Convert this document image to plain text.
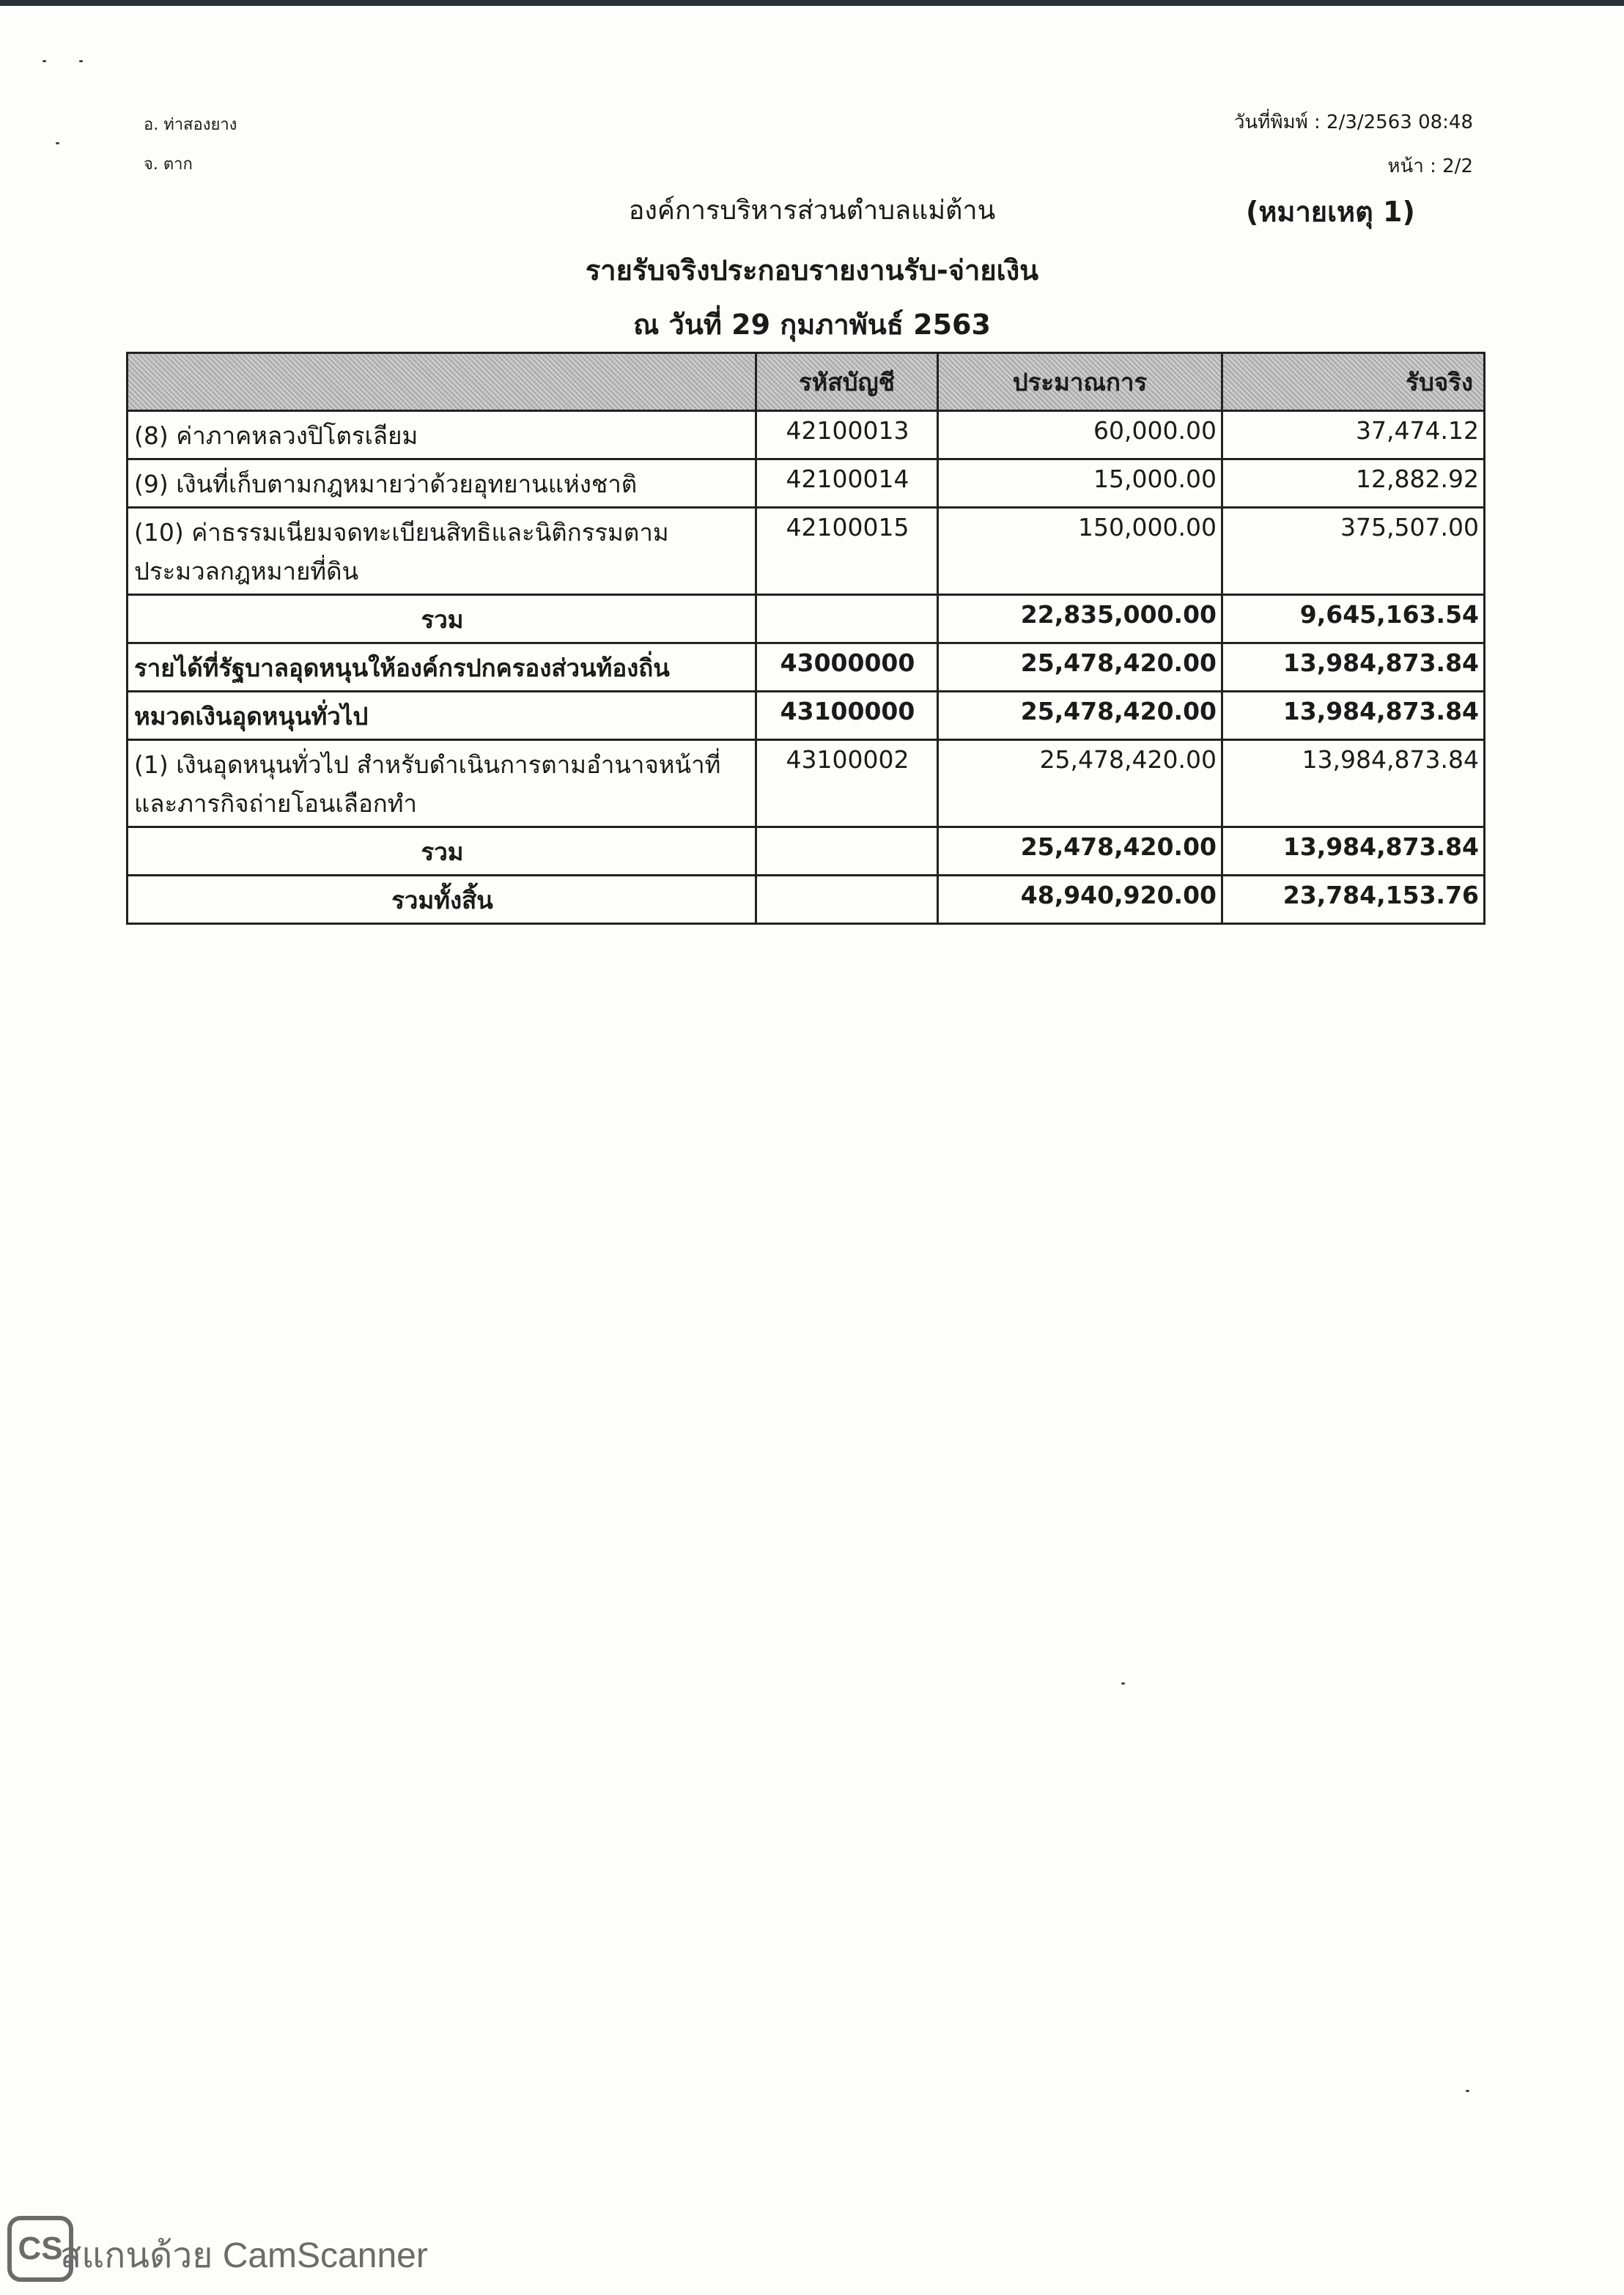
อ. ท่าสองยาง
จ. ตาก
วันที่พิมพ์ : 2/3/2563 08:48
หน้า : 2/2
องค์การบริหารส่วนตำบลแม่ต้าน	(หมายเหตุ 1)
รายรับจริงประกอบรายงานรับ-จ่ายเงิน
ณ วันที่ 29 กุมภาพันธ์ 2563
	รหัสบัญชี	ประมาณการ	รับจริง
(8) ค่าภาคหลวงปิโตรเลียม	42100013	60,000.00	37,474.12
(9) เงินที่เก็บตามกฎหมายว่าด้วยอุทยานแห่งชาติ	42100014	15,000.00	12,882.92
(10) ค่าธรรมเนียมจดทะเบียนสิทธิและนิติกรรมตามประมวลกฎหมายที่ดิน	42100015	150,000.00	375,507.00
รวม		22,835,000.00	9,645,163.54
รายได้ที่รัฐบาลอุดหนุนให้องค์กรปกครองส่วนท้องถิ่น	43000000	25,478,420.00	13,984,873.84
หมวดเงินอุดหนุนทั่วไป	43100000	25,478,420.00	13,984,873.84
(1) เงินอุดหนุนทั่วไป สำหรับดำเนินการตามอำนาจหน้าที่และภารกิจถ่ายโอนเลือกทำ	43100002	25,478,420.00	13,984,873.84
รวม		25,478,420.00	13,984,873.84
รวมทั้งสิ้น		48,940,920.00	23,784,153.76
CS
สแกนด้วย CamScanner
